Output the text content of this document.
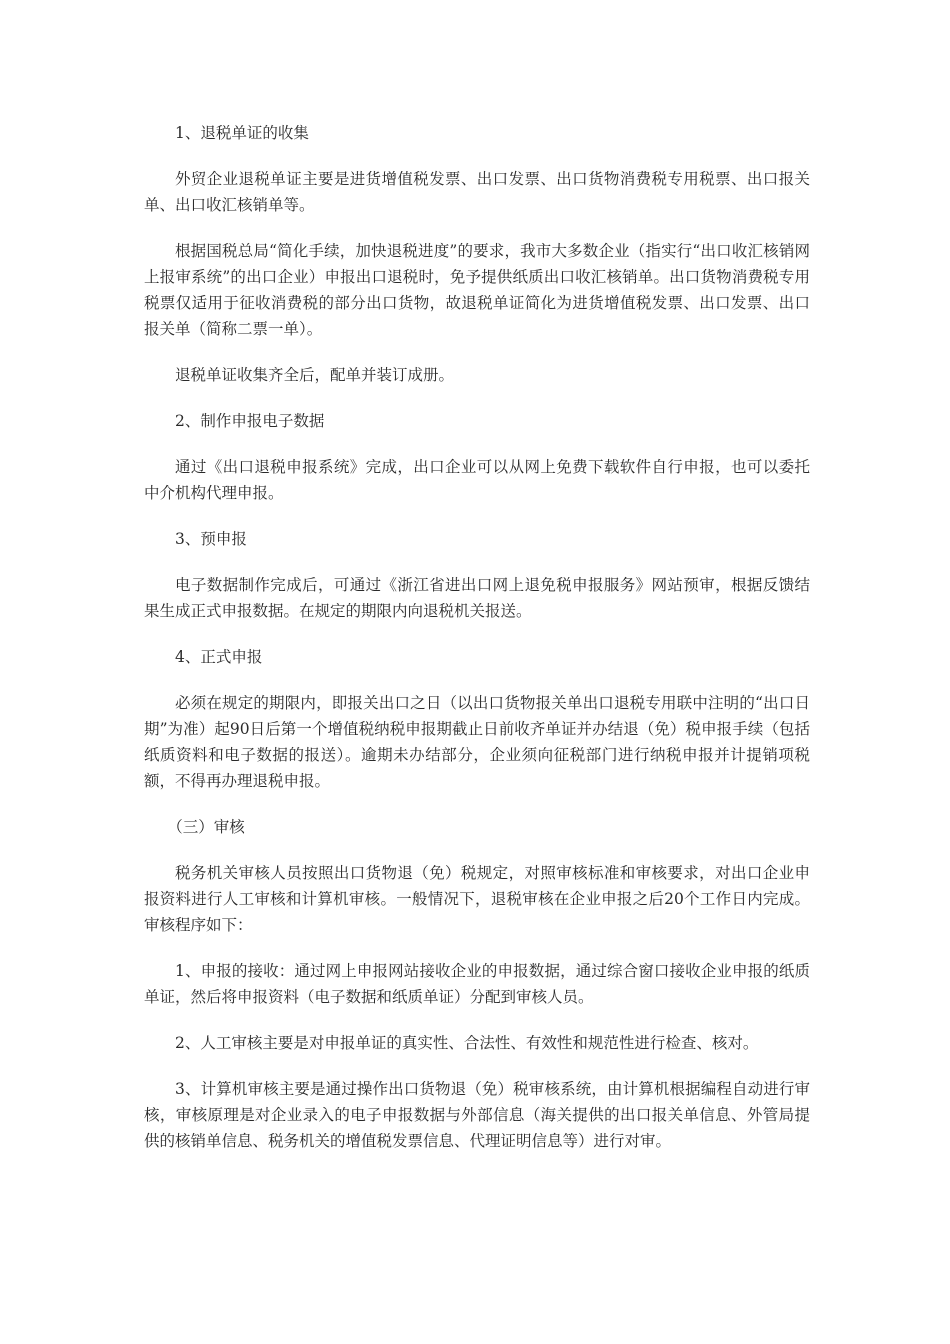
1、退税单证的收集

外贸企业退税单证主要是进货增值税发票、出口发票、出口货物消费税专用税票、出口报关单、出口收汇核销单等。

根据国税总局“简化手续，加快退税进度”的要求，我市大多数企业（指实行“出口收汇核销网上报审系统”的出口企业）申报出口退税时，免予提供纸质出口收汇核销单。出口货物消费税专用税票仅适用于征收消费税的部分出口货物，故退税单证简化为进货增值税发票、出口发票、出口报关单（简称二票一单）。

退税单证收集齐全后，配单并装订成册。

2、制作申报电子数据

通过《出口退税申报系统》完成，出口企业可以从网上免费下载软件自行申报，也可以委托中介机构代理申报。

3、预申报

电子数据制作完成后，可通过《浙江省进出口网上退免税申报服务》网站预审，根据反馈结果生成正式申报数据。在规定的期限内向退税机关报送。

4、正式申报

必须在规定的期限内，即报关出口之日（以出口货物报关单出口退税专用联中注明的“出口日期”为准）起90日后第一个增值税纳税申报期截止日前收齐单证并办结退（免）税申报手续（包括纸质资料和电子数据的报送）。逾期未办结部分，企业须向征税部门进行纳税申报并计提销项税额，不得再办理退税申报。

（三）审核

税务机关审核人员按照出口货物退（免）税规定，对照审核标准和审核要求，对出口企业申报资料进行人工审核和计算机审核。一般情况下，退税审核在企业申报之后20个工作日内完成。审核程序如下：

1、申报的接收：通过网上申报网站接收企业的申报数据，通过综合窗口接收企业申报的纸质单证，然后将申报资料（电子数据和纸质单证）分配到审核人员。

2、人工审核主要是对申报单证的真实性、合法性、有效性和规范性进行检查、核对。

3、计算机审核主要是通过操作出口货物退（免）税审核系统，由计算机根据编程自动进行审核，审核原理是对企业录入的电子申报数据与外部信息（海关提供的出口报关单信息、外管局提供的核销单信息、税务机关的增值税发票信息、代理证明信息等）进行对审。
